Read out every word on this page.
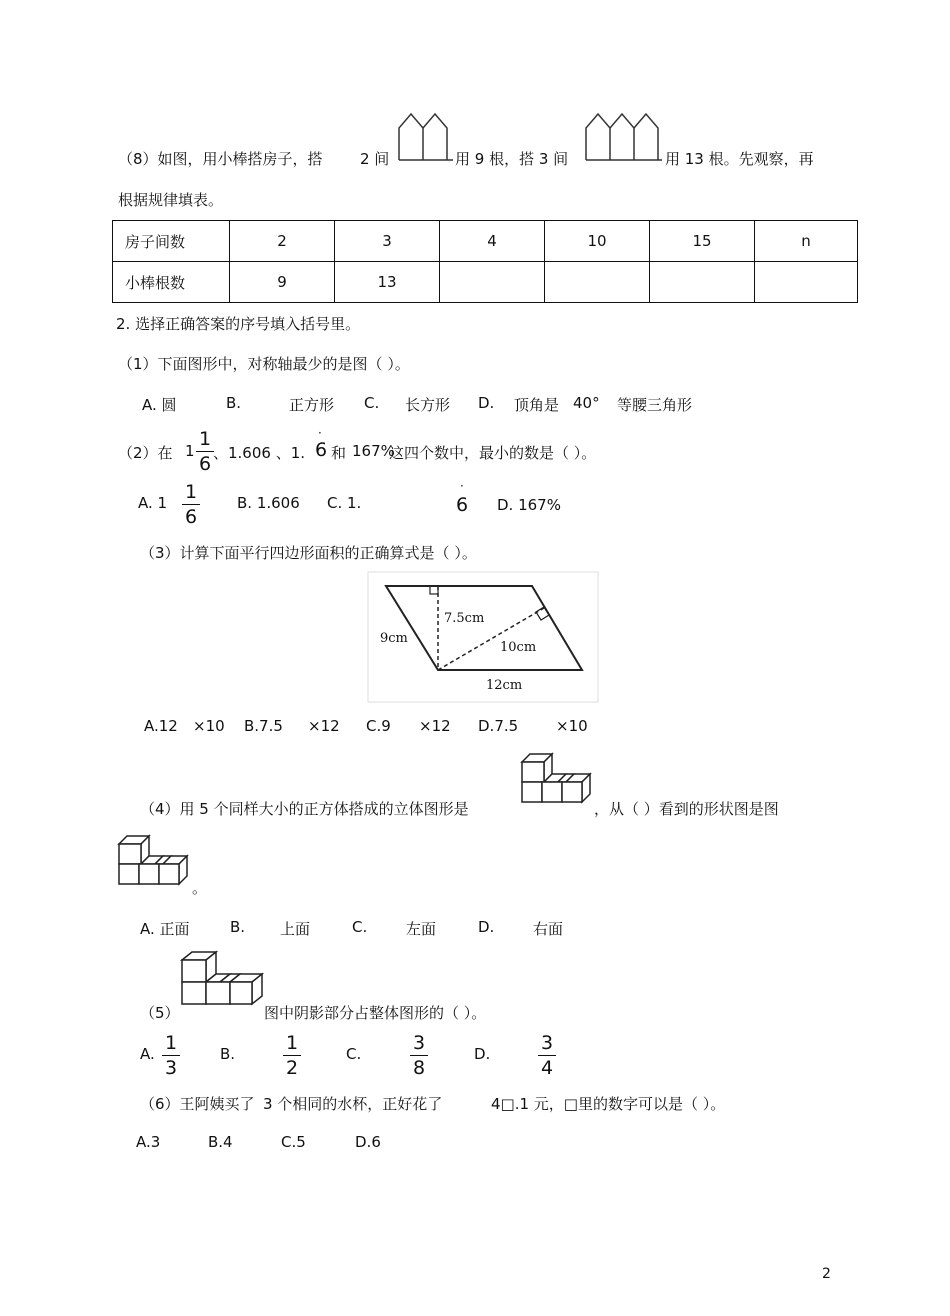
（8）如图，用小棒搭房子，搭 2 间	用 9 根，搭 3 间	用 13 根。先观察，再
根据规律填表。
房子间数	2	3	4	10	15	n
小棒根数	9	13				
2. 选择正确答案的序号填入括号里。
（1）下面图形中，对称轴最少的是图（ ）。
A. 圆	B.	正方形 C. 长方形 D. 顶角是 40° 等腰三角形
（2）在 1
1
6 、1.606 、1.
·
6 和 167%
这四个数中，最小的数是（ ）。
A. 1 1
6
B. 1.606 C. 1.
·
6 D. 167%
（3）计算下面平行四边形面积的正确算式是（ ）。
7.5cm
9cm
10cm
12cm
A.12 ×10 B.7.5 ×12 C.9 ×12 D.7.5	×10
（4）用 5 个同样大小的正方体搭成的立体图形是	，从（ ）看到的形状图是图
。
A. 正面	B. 上面	C.	左面	D.	右面
（5）	图中阴影部分占整体图形的（ ）。
A. 1
3
B.	1
2
C.	3
8
D.	3
4
（6）王阿姨买了 3 个相同的水杯，正好花了	4□.1 元，□里的数字可以是（ ）。
A.3	B.4	C.5	D.6
2
